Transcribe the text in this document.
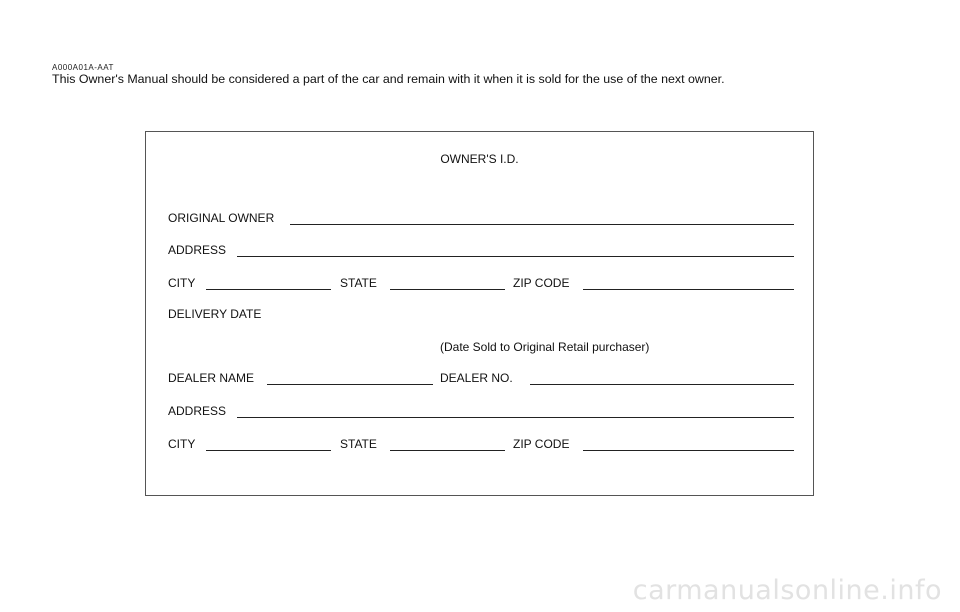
A000A01A-AAT
This Owner's Manual should be considered a part of the car and remain with it when it is sold for the use of the next owner.
OWNER'S I.D.
ORIGINAL OWNER
ADDRESS
CITY	STATE	ZIP CODE
DELIVERY DATE
(Date Sold to Original Retail purchaser)
DEALER NAME	DEALER NO.
ADDRESS
CITY	STATE	ZIP CODE
carmanualsonline.info
